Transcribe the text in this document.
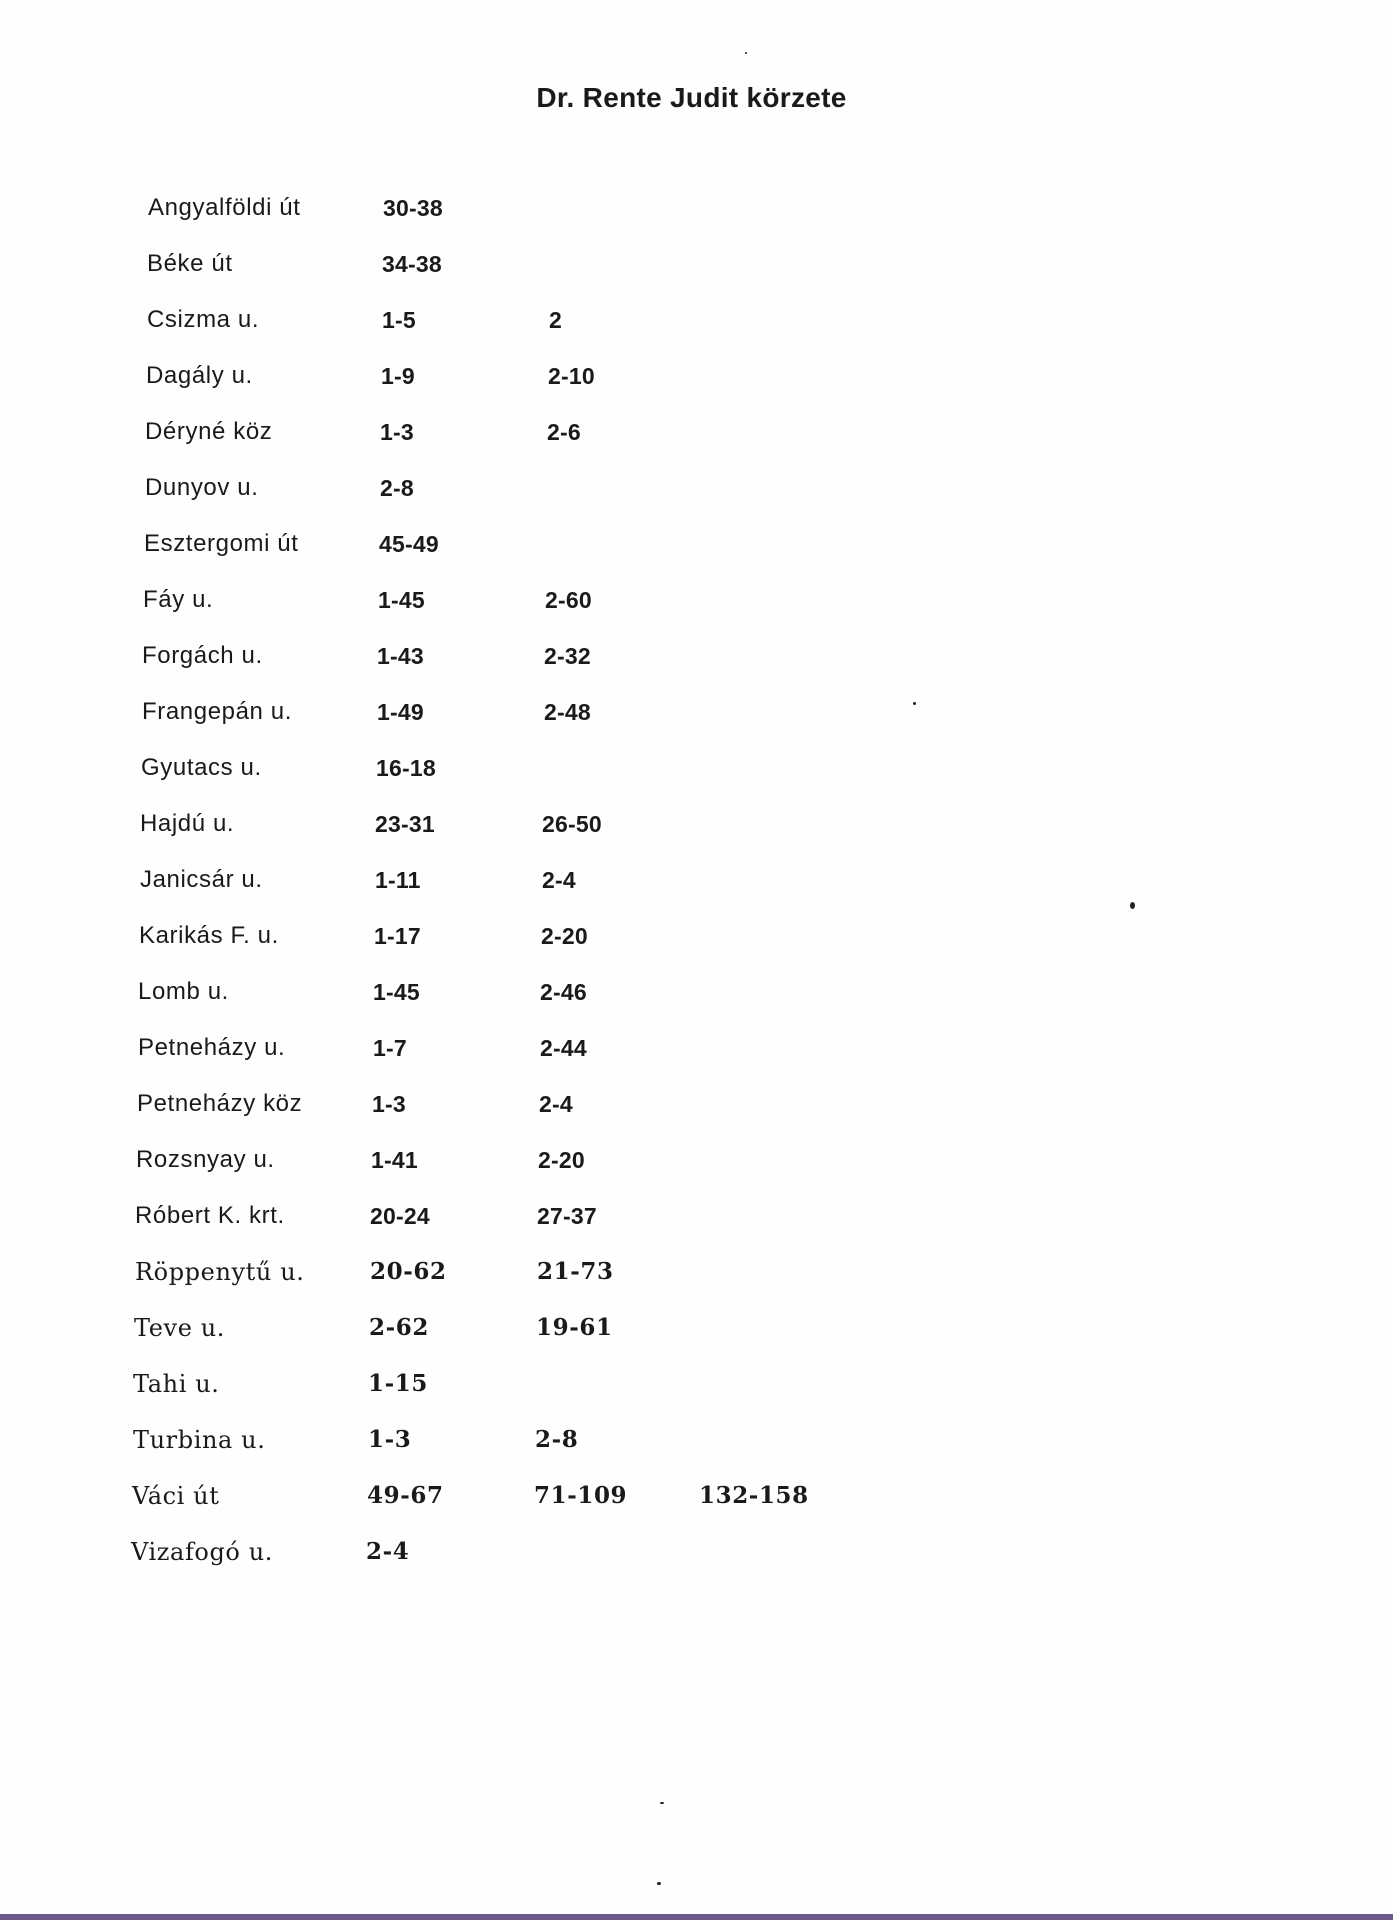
Dr. Rente Judit körzete
Angyalföldi út	30-38
Béke út	34-38
Csizma u.	1-5	2
Dagály u.	1-9	2-10
Déryné köz	1-3	2-6
Dunyov u.	2-8
Esztergomi út	45-49
Fáy u.	1-45	2-60
Forgách u.	1-43	2-32
Frangepán u.	1-49	2-48
Gyutacs u.	16-18
Hajdú u.	23-31	26-50
Janicsár u.	1-11	2-4
Karikás F. u.	1-17	2-20
Lomb u.	1-45	2-46
Petneházy u.	1-7	2-44
Petneházy köz	1-3	2-4
Rozsnyay u.	1-41	2-20
Róbert K. krt.	20-24	27-37
Röppenytű u.	20-62	21-73
Teve u.	2-62	19-61
Tahi u.	1-15
Turbina u.	1-3	2-8
Váci út	49-67	71-109	132-158
Vizafogó u.	2-4
